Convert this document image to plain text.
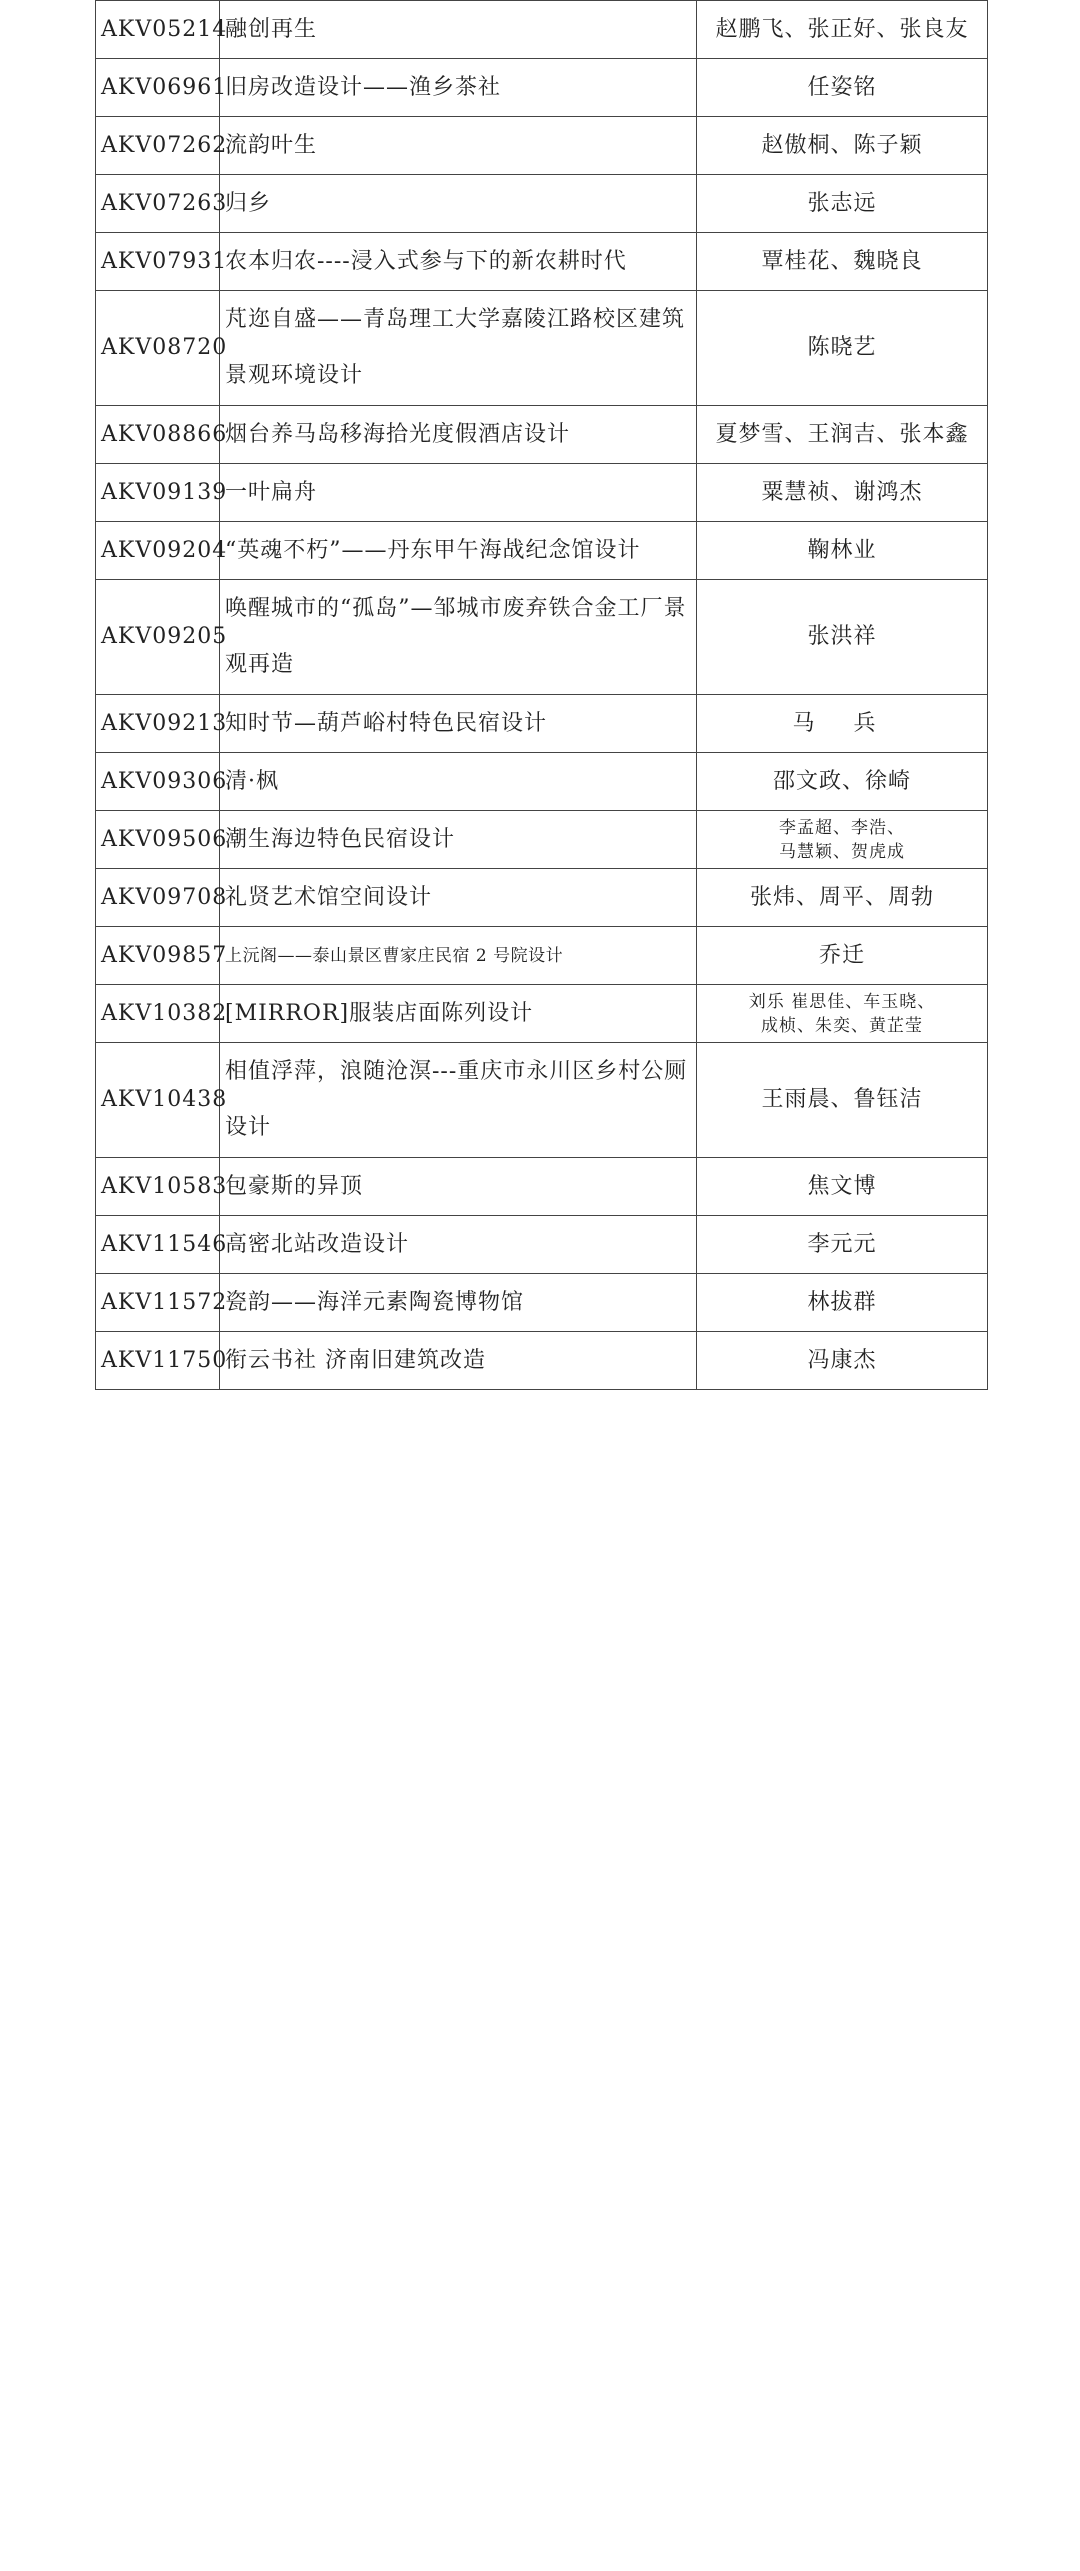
AKV05214	融创再生	赵鹏飞、张正好、张良友
AKV06961	旧房改造设计——渔乡茶社	任姿铭
AKV07262	流韵叶生	赵傲桐、陈子颖
AKV07263	归乡	张志远
AKV07931	农本归农----浸入式参与下的新农耕时代	覃桂花、魏晓良
AKV08720	芃迩自盛——青岛理工大学嘉陵江路校区建筑景观环境设计	陈晓艺
AKV08866	烟台养马岛移海拾光度假酒店设计	夏梦雪、王润吉、张本鑫
AKV09139	一叶扁舟	粟慧祯、谢鸿杰
AKV09204	“英魂不朽”——丹东甲午海战纪念馆设计	鞠林业
AKV09205	唤醒城市的“孤岛”—邹城市废弃铁合金工厂景观再造	张洪祥
AKV09213	知时节—葫芦峪村特色民宿设计	马 兵
AKV09306	清·枫	邵文政、徐崎
AKV09506	潮生海边特色民宿设计	李孟超、李浩、
马慧颖、贺虎成
AKV09708	礼贤艺术馆空间设计	张炜、周平、周勃
AKV09857	上沅阁——泰山景区曹家庄民宿 2 号院设计	乔迁
AKV10382	[MIRROR]服装店面陈列设计	刘乐 崔思佳、车玉晓、
成桢、朱奕、黄芷莹
AKV10438	相值浮萍，浪随沧溟---重庆市永川区乡村公厕设计	王雨晨、鲁钰洁
AKV10583	包豪斯的异顶	焦文博
AKV11546	高密北站改造设计	李元元
AKV11572	瓷韵——海洋元素陶瓷博物馆	林拔群
AKV11750	衔云书社 济南旧建筑改造	冯康杰
